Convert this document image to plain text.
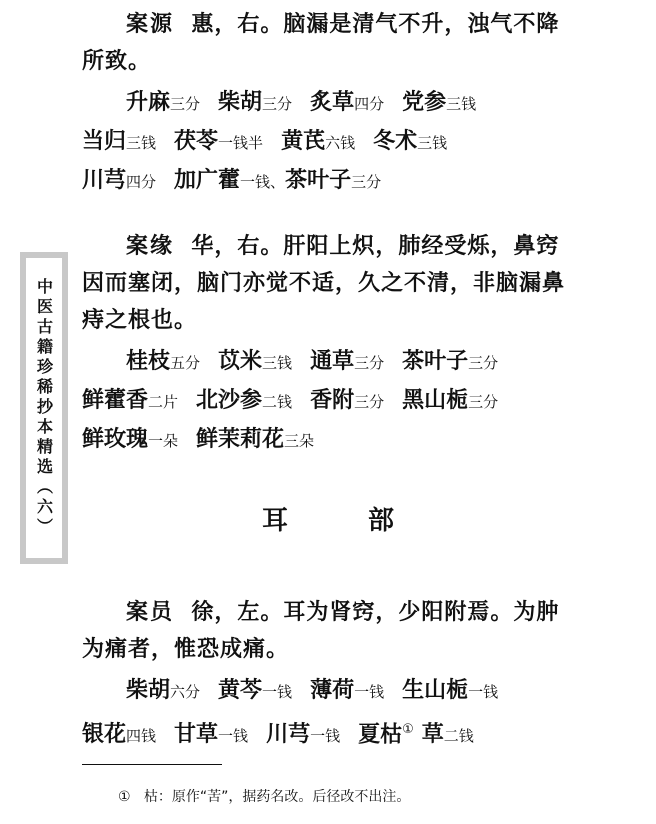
中医古籍珍稀抄本精选（六）

案源 惠，右。脑漏是清气不升，浊气不降所致。

升麻三分 柴胡三分 炙草四分 党参三钱

当归三钱 茯苓一钱半 黄芪六钱 冬术三钱

川芎四分 加广藿一钱、茶叶子三分

案缘 华，右。肝阳上炽，肺经受烁，鼻窍因而塞闭，脑门亦觉不适，久之不清，非脑漏鼻痔之根也。

桂枝五分 苡米三钱 通草三分 茶叶子三分

鲜藿香二片 北沙参二钱 香附三分 黑山栀三分

鲜玫瑰一朵 鲜茉莉花三朵

耳	部

案员 徐，左。耳为肾窍，少阳附焉。为肿为痛者，惟恐成痛。

柴胡六分 黄芩一钱 薄荷一钱 生山栀一钱

银花四钱 甘草一钱 川芎一钱 夏枯① 草二钱

① 枯：原作“苦”，据药名改。后径改不出注。
